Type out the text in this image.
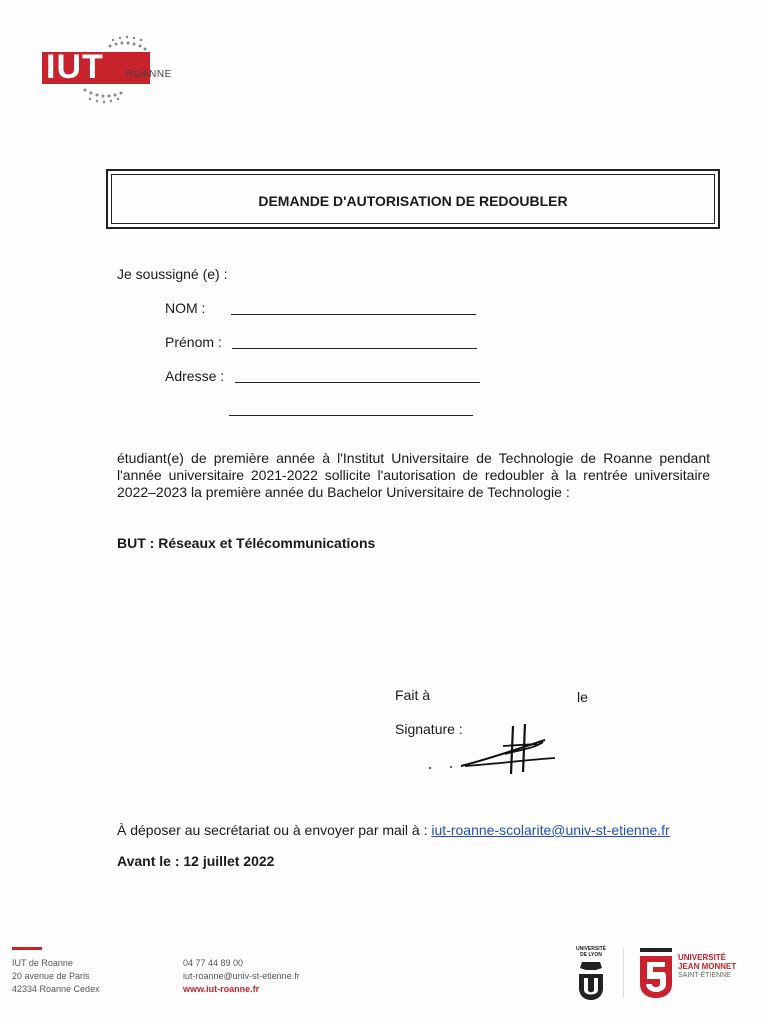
IUT ROANNE
DEMANDE D'AUTORISATION DE REDOUBLER
Je soussigné (e) :
NOM :
Prénom :
Adresse :
étudiant(e) de première année à l'Institut Universitaire de Technologie de Roanne pendant l'année universitaire 2021-2022 sollicite l'autorisation de redoubler à la rentrée universitaire 2022–2023 la première année du Bachelor Universitaire de Technologie :
BUT : Réseaux et Télécommunications
Fait à	le
Signature :
À déposer au secrétariat ou à envoyer par mail à : iut-roanne-scolarite@univ-st-etienne.fr
Avant le : 12 juillet 2022
IUT de Roanne
20 avenue de Paris
42334 Roanne Cedex
04 77 44 89 00
iut-roanne@univ-st-etienne.fr
www.iut-roanne.fr
UNIVERSITÉ
DE LYON	UNIVERSITÉ
JEAN MONNET
SAINT-ÉTIENNE
